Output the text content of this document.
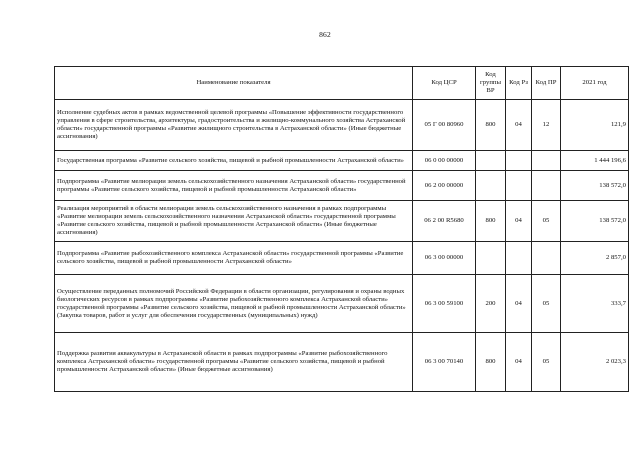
862
Наименование показателя	Код ЦСР	Код группы ВР	Код Рз	Код ПР	2021 год
Исполнение судебных актов в рамках ведомственной целевой программы «Повышение эффективности государственного управления в сфере строительства, архитектуры, градостроительства и жилищно-коммунального хозяйства Астраханской области» государственной программы «Развитие жилищного строительства в Астраханской области» (Иные бюджетные ассигнования)	05 Г 00 80960	800	04	12	121,9
Государственная программа «Развитие сельского хозяйства, пищевой и рыбной промышленности Астраханской области»	06 0 00 00000				1 444 196,6
Подпрограмма «Развитие мелиорации земель сельскохозяйственного назначения Астраханской области» государственной программы «Развитие сельского хозяйства, пищевой и рыбной промышленности Астраханской области»	06 2 00 00000				138 572,0
Реализация мероприятий в области мелиорации земель сельскохозяйственного назначения в рамках подпрограммы «Развитие мелиорации земель сельскохозяйственного назначения Астраханской области» государственной программы «Развитие сельского хозяйства, пищевой и рыбной промышленности Астраханской области» (Иные бюджетные ассигнования)	06 2 00 R5680	800	04	05	138 572,0
Подпрограмма «Развитие рыбохозяйственного комплекса Астраханской области» государственной программы «Развитие сельского хозяйства, пищевой и рыбной промышленности Астраханской области»	06 3 00 00000				2 857,0
Осуществление переданных полномочий Российской Федерации в области организации, регулирования и охраны водных биологических ресурсов в рамках подпрограммы «Развитие рыбохозяйственного комплекса Астраханской области» государственной программы «Развитие сельского хозяйства, пищевой и рыбной промышленности Астраханской области» (Закупка товаров, работ и услуг для обеспечения государственных (муниципальных) нужд)	06 3 00 59100	200	04	05	333,7
Поддержка развития аквакультуры в Астраханской области в рамках подпрограммы «Развитие рыбохозяйственного комплекса Астраханской области» государственной программы «Развитие сельского хозяйства, пищевой и рыбной промышленности Астраханской области» (Иные бюджетные ассигнования)	06 3 00 70140	800	04	05	2 023,3
